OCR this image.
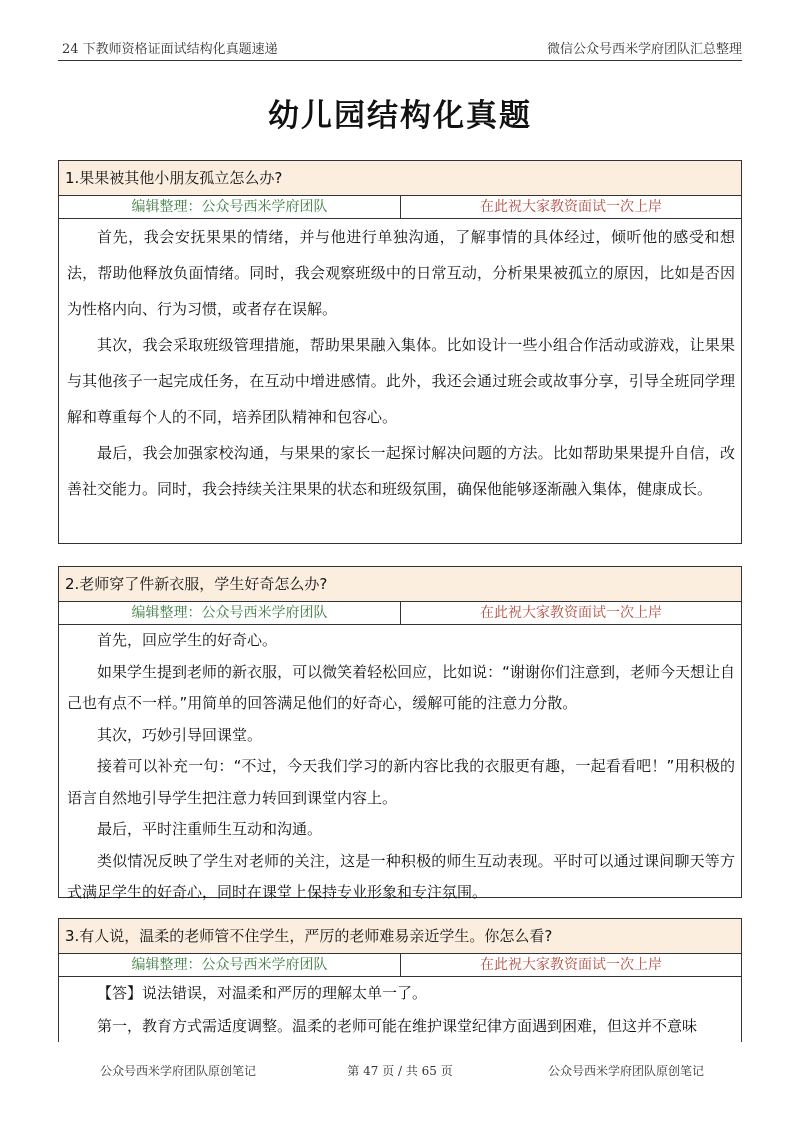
24 下教师资格证面试结构化真题速递	微信公众号西米学府团队汇总整理
幼儿园结构化真题
1.果果被其他小朋友孤立怎么办?
编辑整理：公众号西米学府团队	在此祝大家教资面试一次上岸

首先，我会安抚果果的情绪，并与他进行单独沟通，了解事情的具体经过，倾听他的感受和想法，帮助他释放负面情绪。同时，我会观察班级中的日常互动，分析果果被孤立的原因，比如是否因为性格内向、行为习惯，或者存在误解。

其次，我会采取班级管理措施，帮助果果融入集体。比如设计一些小组合作活动或游戏，让果果与其他孩子一起完成任务，在互动中增进感情。此外，我还会通过班会或故事分享，引导全班同学理解和尊重每个人的不同，培养团队精神和包容心。

最后，我会加强家校沟通，与果果的家长一起探讨解决问题的方法。比如帮助果果提升自信，改善社交能力。同时，我会持续关注果果的状态和班级氛围，确保他能够逐渐融入集体，健康成长。

2.老师穿了件新衣服，学生好奇怎么办?
编辑整理：公众号西米学府团队	在此祝大家教资面试一次上岸

首先，回应学生的好奇心。

如果学生提到老师的新衣服，可以微笑着轻松回应，比如说：“谢谢你们注意到，老师今天想让自己也有点不一样。”用简单的回答满足他们的好奇心，缓解可能的注意力分散。

其次，巧妙引导回课堂。

接着可以补充一句：“不过，今天我们学习的新内容比我的衣服更有趣，一起看看吧！”用积极的语言自然地引导学生把注意力转回到课堂内容上。

最后，平时注重师生互动和沟通。

类似情况反映了学生对老师的关注，这是一种积极的师生互动表现。平时可以通过课间聊天等方式满足学生的好奇心，同时在课堂上保持专业形象和专注氛围。

3.有人说，温柔的老师管不住学生，严厉的老师难易亲近学生。你怎么看?
编辑整理：公众号西米学府团队	在此祝大家教资面试一次上岸

【答】说法错误，对温柔和严厉的理解太单一了。

第一，教育方式需适度调整。温柔的老师可能在维护课堂纪律方面遇到困难，但这并不意味

公众号西米学府团队原创笔记	第 47 页 / 共 65 页	公众号西米学府团队原创笔记
